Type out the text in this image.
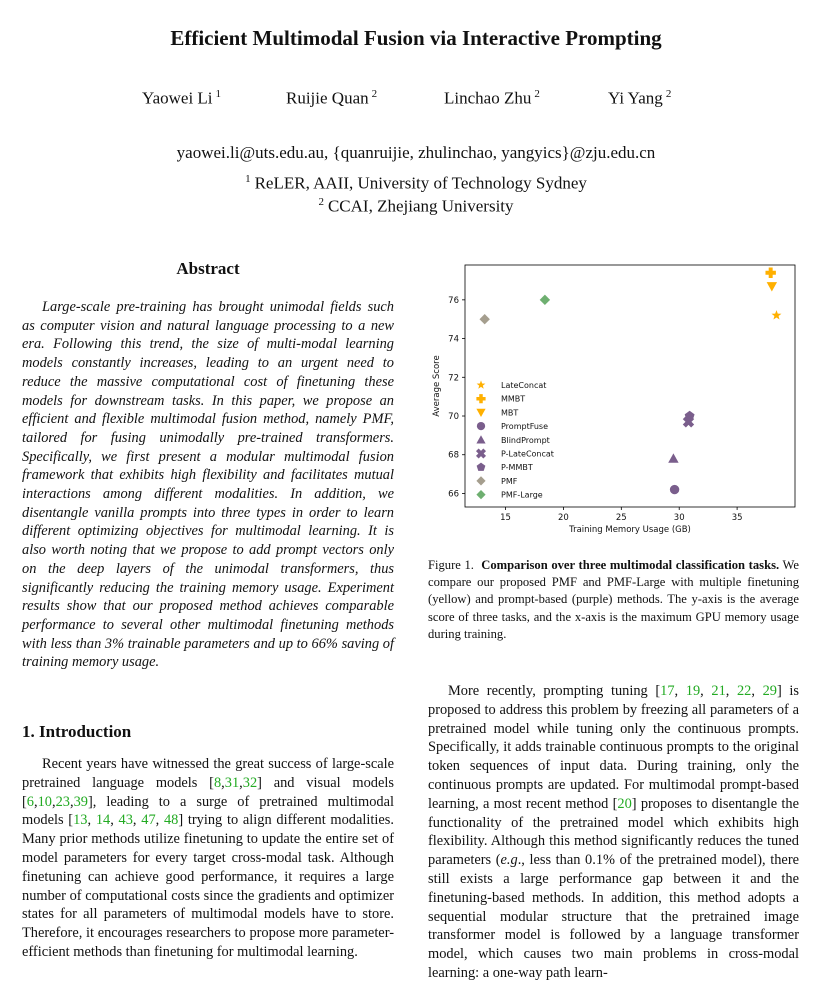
Efficient Multimodal Fusion via Interactive Prompting
Yaowei Li $^1$	Ruijie Quan $^2$	Linchao Zhu $^2$	Yi Yang $^2$
yaowei.li@uts.edu.au, {quanruijie, zhulinchao, yangyics}@zju.edu.cn
$^1$ ReLER, AAII, University of Technology Sydney
$^2$ CCAI, Zhejiang University
Abstract
Large-scale pre-training has brought unimodal fields such as computer vision and natural language processing to a new era. Following this trend, the size of multi-modal learning models constantly increases, leading to an urgent need to reduce the massive computational cost of finetuning these models for downstream tasks. In this paper, we propose an efficient and flexible multimodal fusion method, namely PMF, tailored for fusing unimodally pre-trained transformers. Specifically, we first present a modular multimodal fusion framework that exhibits high flexibility and facilitates mutual interactions among different modalities. In addition, we disentangle vanilla prompts into three types in order to learn different optimizing objectives for multimodal learning. It is also worth noting that we propose to add prompt vectors only on the deep layers of the unimodal transformers, thus significantly reducing the training memory usage. Experiment results show that our proposed method achieves comparable performance to several other multimodal finetuning methods with less than 3% trainable parameters and up to 66% saving of training memory usage.
1. Introduction
Recent years have witnessed the great success of large-scale pretrained language models [8,31,32] and visual models [6,10,23,39], leading to a surge of pretrained multimodal models [13, 14, 43, 47, 48] trying to align different modalities. Many prior methods utilize finetuning to update the entire set of model parameters for every target cross-modal task. Although finetuning can achieve good performance, it requires a large number of computational costs since the gradients and optimizer states for all parameters of multimodal models have to store. Therefore, it encourages researchers to propose more parameter-efficient methods than finetuning for multimodal learning.
66
68
70
72
74
76
15	20	25	30	35
Training Memory Usage (GB)
Average Score	LateConcat
MMBT
MBT
PromptFuse
BlindPrompt
P-LateConcat
P-MMBT
PMF
PMF-Large
Figure 1. Comparison over three multimodal classification tasks. We compare our proposed PMF and PMF-Large with multiple finetuning (yellow) and prompt-based (purple) methods. The y-axis is the average score of three tasks, and the x-axis is the maximum GPU memory usage during training.
More recently, prompting tuning [17, 19, 21, 22, 29] is proposed to address this problem by freezing all parameters of a pretrained model while tuning only the continuous prompts. Specifically, it adds trainable continuous prompts to the original token sequences of input data. During training, only the continuous prompts are updated. For multimodal prompt-based learning, a most recent method [20] proposes to disentangle the functionality of the pretrained model which exhibits high flexibility. Although this method significantly reduces the tuned parameters (e.g., less than 0.1% of the pretrained model), there still exists a large performance gap between it and the finetuning-based methods. In addition, this method adopts a sequential modular structure that the pretrained image transformer model is followed by a language transformer model, which causes two main problems in cross-modal learning: a one-way path learn-
